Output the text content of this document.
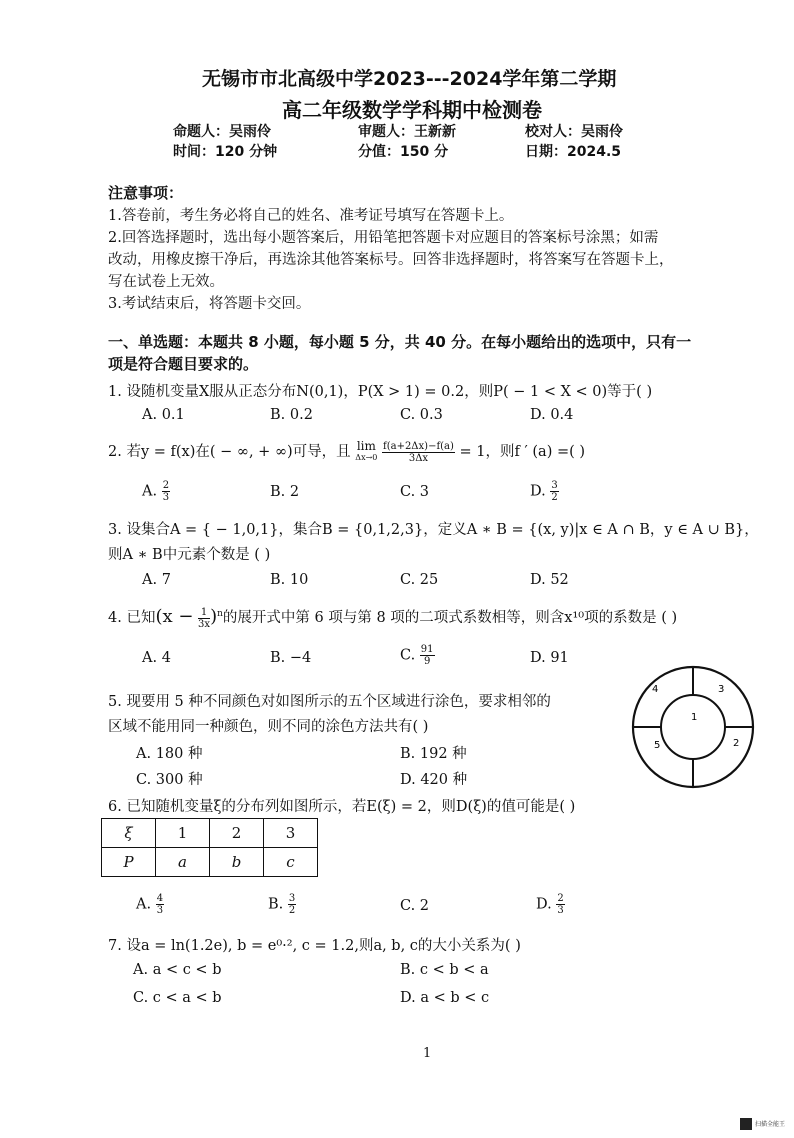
无锡市市北高级中学2023---2024学年第二学期
高二年级数学学科期中检测卷
命题人：吴雨伶	审题人：王新新	校对人：吴雨伶
时间：120 分钟	分值：150 分	日期：2024.5
注意事项：
1.答卷前，考生务必将自己的姓名、准考证号填写在答题卡上。
2.回答选择题时，选出每小题答案后，用铅笔把答题卡对应题目的答案标号涂黑；如需
改动，用橡皮擦干净后，再选涂其他答案标号。回答非选择题时，将答案写在答题卡上，
写在试卷上无效。
3.考试结束后，将答题卡交回。
一、单选题：本题共 8 小题，每小题 5 分，共 40 分。在每小题给出的选项中，只有一
项是符合题目要求的。
1. 设随机变量X服从正态分布N(0,1)，P(X > 1) = 0.2，则P( − 1 < X < 0)等于( )
A. 0.1	B. 0.2	C. 0.3	D. 0.4
2. 若y = f(x)在( − ∞, + ∞)可导，且 lim
Δx→0
$\frac{f(a+2\Delta x)-f(a)}{3\Delta x} = 1$，则f ′ (a) =( )
A. $\frac{2}{3}$	B. 2	C. 3	D. $\frac{3}{2}$
3. 设集合A = { − 1,0,1}，集合B = {0,1,2,3}，定义A ∗ B = {(x, y)|x ∈ A ∩ B，y ∈ A ∪ B}，
则A ∗ B中元素个数是 ( )
A. 7	B. 10	C. 25	D. 52
4. 已知$(x - \frac{1}{3x} )^n$的展开式中第 6 项与第 8 项的二项式系数相等，则含x¹⁰项的系数是 ( )
A. 4	B. −4	C. $\frac{91}{9}$	D. 91
5. 现要用 5 种不同颜色对如图所示的五个区域进行涂色，要求相邻的
区域不能用同一种颜色，则不同的涂色方法共有( )
A. 180 种	B. 192 种
C. 300 种	D. 420 种
1
2
3
4
5
6. 已知随机变量ξ的分布列如图所示，若E(ξ) = 2，则D(ξ)的值可能是( )
ξ	1	2	3
P	a	b	c
A. $\frac{4}{3}$	B. $\frac{3}{2}$	C. 2	D. $\frac{2}{3}$
7. 设a = ln(1.2e), b = e⁰·², c = 1.2,则a, b, c的大小关系为( )
A. a < c < b	B. c < b < a
C. c < a < b	D. a < b < c
1
扫描全能王
